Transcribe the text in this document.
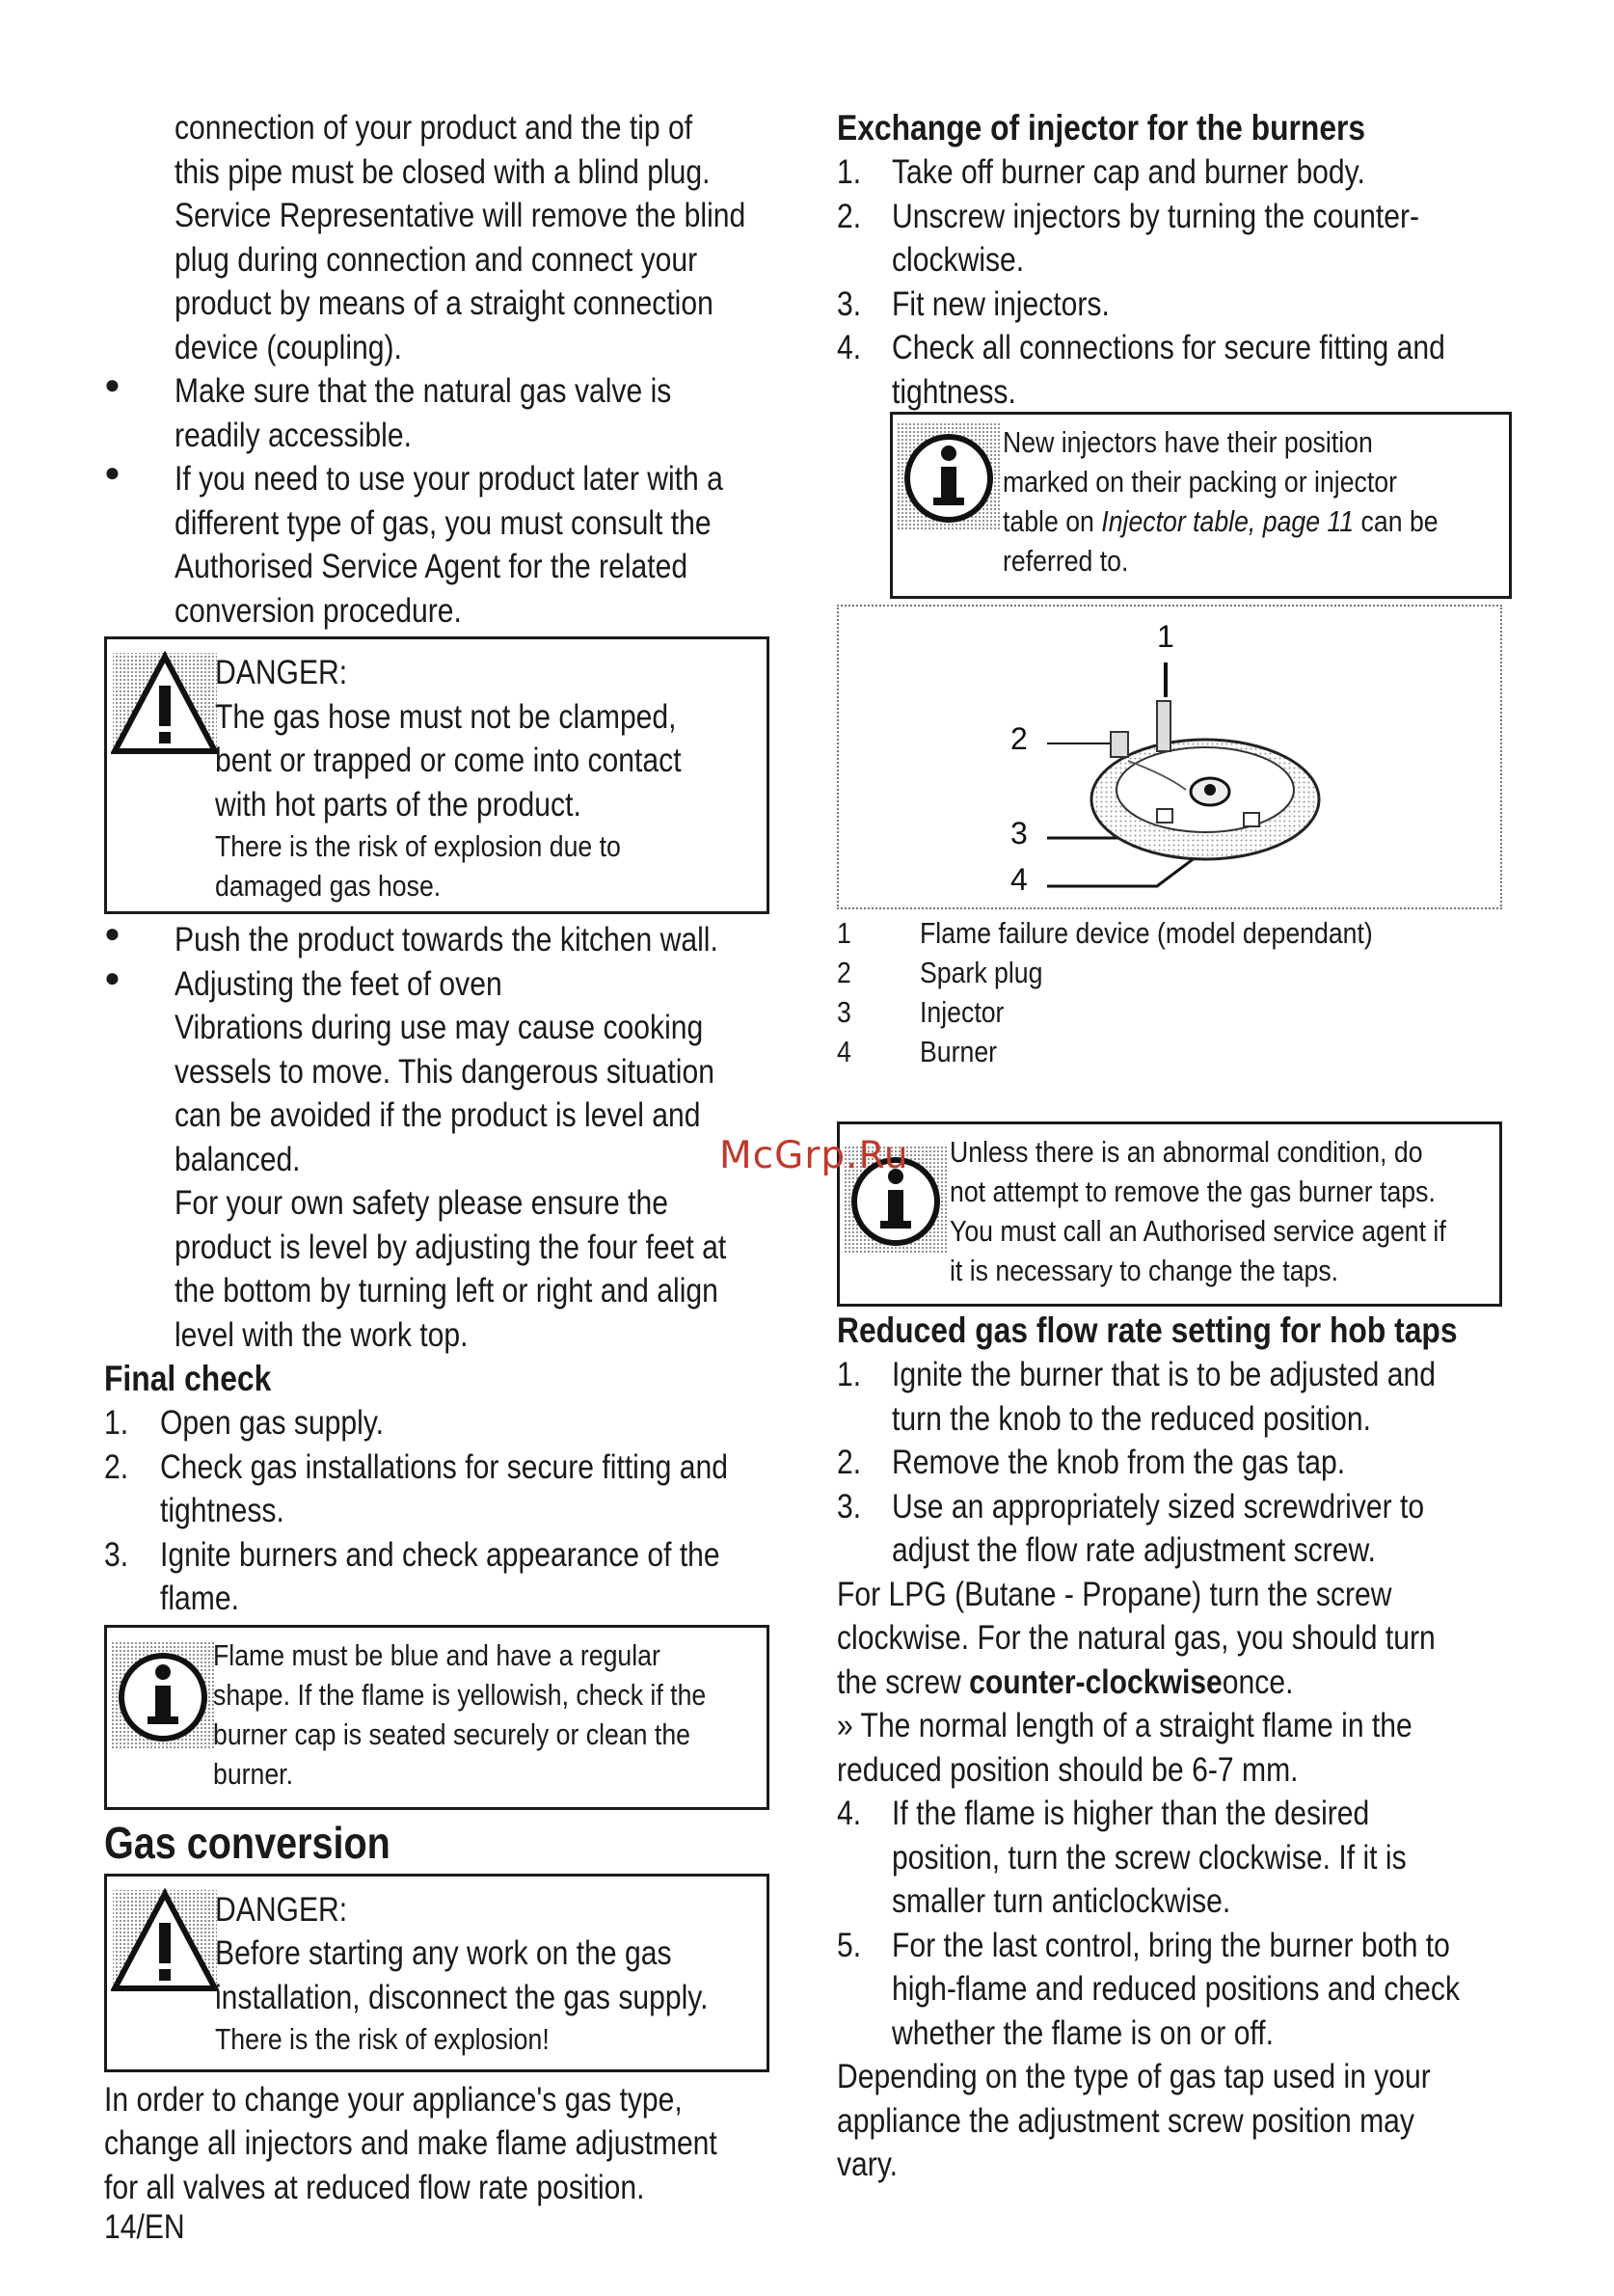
connection of your product and the tip of
this pipe must be closed with a blind plug.
Service Representative will remove the blind
plug during connection and connect your
product by means of a straight connection
device (coupling).
●	Make sure that the natural gas valve is
readily accessible.
●	If you need to use your product later with a
different type of gas, you must consult the
Authorised Service Agent for the related
conversion procedure.
DANGER:
The gas hose must not be clamped,
bent or trapped or come into contact
with hot parts of the product.
There is the risk of explosion due to
damaged gas hose.
●	Push the product towards the kitchen wall.
●	Adjusting the feet of oven
Vibrations during use may cause cooking
vessels to move. This dangerous situation
can be avoided if the product is level and
balanced.
For your own safety please ensure the
product is level by adjusting the four feet at
the bottom by turning left or right and align
level with the work top.
Final check
1. Open gas supply.
2. Check gas installations for secure fitting and
tightness.
3. Ignite burners and check appearance of the
flame.
Flame must be blue and have a regular
shape. If the flame is yellowish, check if the
burner cap is seated securely or clean the
burner.
Gas conversion
DANGER:
Before starting any work on the gas
installation, disconnect the gas supply.
There is the risk of explosion!
In order to change your appliance's gas type,
change all injectors and make flame adjustment
for all valves at reduced flow rate position.
Exchange of injector for the burners
1. Take off burner cap and burner body.
2. Unscrew injectors by turning the counter-
clockwise.
3. Fit new injectors.
4. Check all connections for secure fitting and
tightness.
New injectors have their position
marked on their packing or injector
table on Injector table, page 11 can be
referred to.
1
2
3
4
1 Flame failure device (model dependant)
2 Spark plug
3 Injector
4 Burner
Unless there is an abnormal condition, do
not attempt to remove the gas burner taps.
You must call an Authorised service agent if
it is necessary to change the taps.
Reduced gas flow rate setting for hob taps
1. Ignite the burner that is to be adjusted and
turn the knob to the reduced position.
2. Remove the knob from the gas tap.
3. Use an appropriately sized screwdriver to
adjust the flow rate adjustment screw.
For LPG (Butane - Propane) turn the screw
clockwise. For the natural gas, you should turn
the screw counter-clockwiseonce.
» The normal length of a straight flame in the
reduced position should be 6-7 mm.
4. If the flame is higher than the desired
position, turn the screw clockwise. If it is
smaller turn anticlockwise.
5. For the last control, bring the burner both to
high-flame and reduced positions and check
whether the flame is on or off.
Depending on the type of gas tap used in your
appliance the adjustment screw position may
vary.
McGrp.Ru
14/EN
